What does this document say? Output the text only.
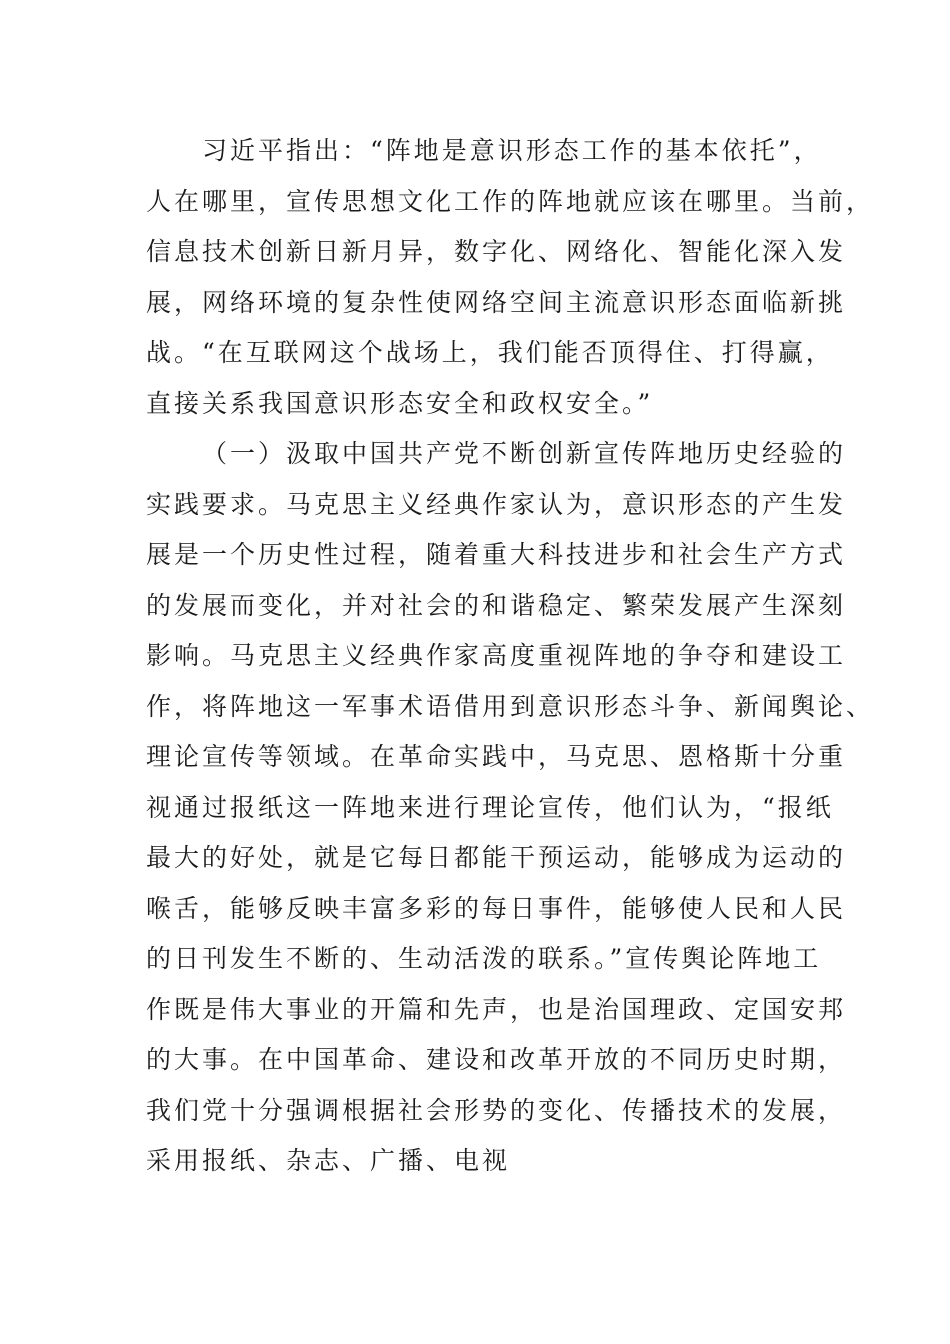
习近平指出：“阵地是意识形态工作的基本依托”，
人在哪里，宣传思想文化工作的阵地就应该在哪里。当前，
信息技术创新日新月异，数字化、网络化、智能化深入发
展，网络环境的复杂性使网络空间主流意识形态面临新挑
战。“在互联网这个战场上，我们能否顶得住、打得赢，
直接关系我国意识形态安全和政权安全。”
（一）汲取中国共产党不断创新宣传阵地历史经验的
实践要求。马克思主义经典作家认为，意识形态的产生发
展是一个历史性过程，随着重大科技进步和社会生产方式
的发展而变化，并对社会的和谐稳定、繁荣发展产生深刻
影响。马克思主义经典作家高度重视阵地的争夺和建设工
作，将阵地这一军事术语借用到意识形态斗争、新闻舆论、
理论宣传等领域。在革命实践中，马克思、恩格斯十分重
视通过报纸这一阵地来进行理论宣传，他们认为，“报纸
最大的好处，就是它每日都能干预运动，能够成为运动的
喉舌，能够反映丰富多彩的每日事件，能够使人民和人民
的日刊发生不断的、生动活泼的联系。”宣传舆论阵地工
作既是伟大事业的开篇和先声，也是治国理政、定国安邦
的大事。在中国革命、建设和改革开放的不同历史时期，
我们党十分强调根据社会形势的变化、传播技术的发展，
采用报纸、杂志、广播、电视
